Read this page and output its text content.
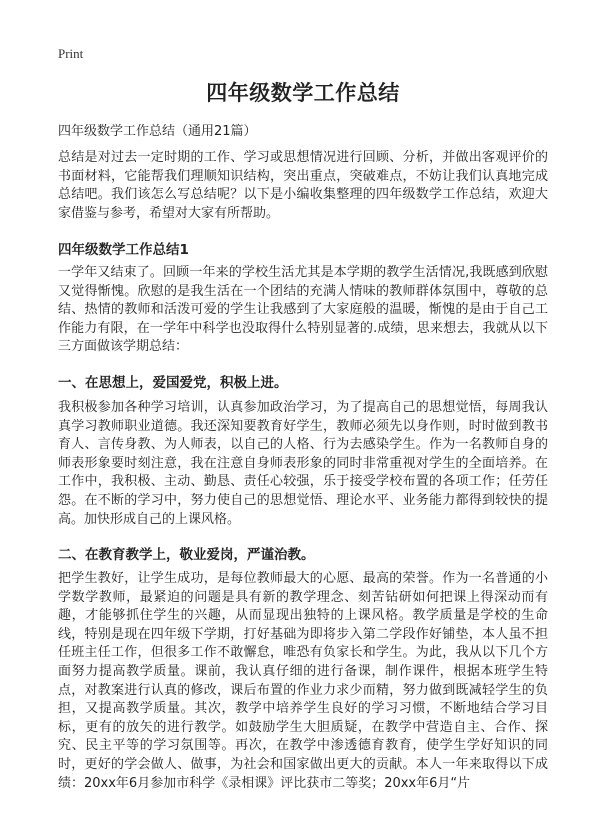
Print
四年级数学工作总结

四年级数学工作总结（通用21篇）

总结是对过去一定时期的工作、学习或思想情况进行回顾、分析，并做出客观评价的书面材料，它能帮我们理顺知识结构，突出重点，突破难点，不妨让我们认真地完成总结吧。我们该怎么写总结呢？以下是小编收集整理的四年级数学工作总结，欢迎大家借鉴与参考，希望对大家有所帮助。

四年级数学工作总结1

一学年又结束了。回顾一年来的学校生活尤其是本学期的教学生活情况,我既感到欣慰又觉得惭愧。欣慰的是我生活在一个团结的充满人情味的教师群体氛围中，尊敬的总结、热情的教师和活泼可爱的学生让我感到了大家庭般的温暖，惭愧的是由于自己工作能力有限，在一学年中科学也没取得什么特别显著的.成绩，思来想去，我就从以下三方面做该学期总结：

一、在思想上，爱国爱党，积极上进。

我积极参加各种学习培训，认真参加政治学习，为了提高自己的思想觉悟，每周我认真学习教师职业道德。我还深知要教育好学生，教师必须先以身作则，时时做到教书育人、言传身教、为人师表，以自己的人格、行为去感染学生。作为一名教师自身的师表形象要时刻注意，我在注意自身师表形象的同时非常重视对学生的全面培养。在工作中，我积极、主动、勤恳、责任心较强，乐于接受学校布置的各项工作；任劳任怨。在不断的学习中，努力使自己的思想觉悟、理论水平、业务能力都得到较快的提高。加快形成自己的上课风格。

二、在教育教学上，敬业爱岗，严谨治教。

把学生教好，让学生成功，是每位教师最大的心愿、最高的荣誉。作为一名普通的小学数学教师，最紧迫的问题是具有新的教学理念、刻苦钻研如何把课上得深动而有趣，才能够抓住学生的兴趣，从而显现出独特的上课风格。教学质量是学校的生命线，特别是现在四年级下学期，打好基础为即将步入第二学段作好铺垫，本人虽不担任班主任工作，但很多工作不敢懈怠，唯恐有负家长和学生。为此，我从以下几个方面努力提高教学质量。课前，我认真仔细的进行备课，制作课件，根据本班学生特点，对教案进行认真的修改，课后布置的作业力求少而精，努力做到既减轻学生的负担，又提高教学质量。其次，教学中培养学生良好的学习习惯，不断地结合学习目标，更有的放矢的进行教学。如鼓励学生大胆质疑，在教学中营造自主、合作、探究、民主平等的学习氛围等。再次，在教学中渗透德育教育，使学生学好知识的同时，更好的学会做人、做事，为社会和国家做出更大的贡献。本人一年来取得以下成绩：20xx年6月参加市科学《录相课》评比获市二等奖；20xx年6月“片
